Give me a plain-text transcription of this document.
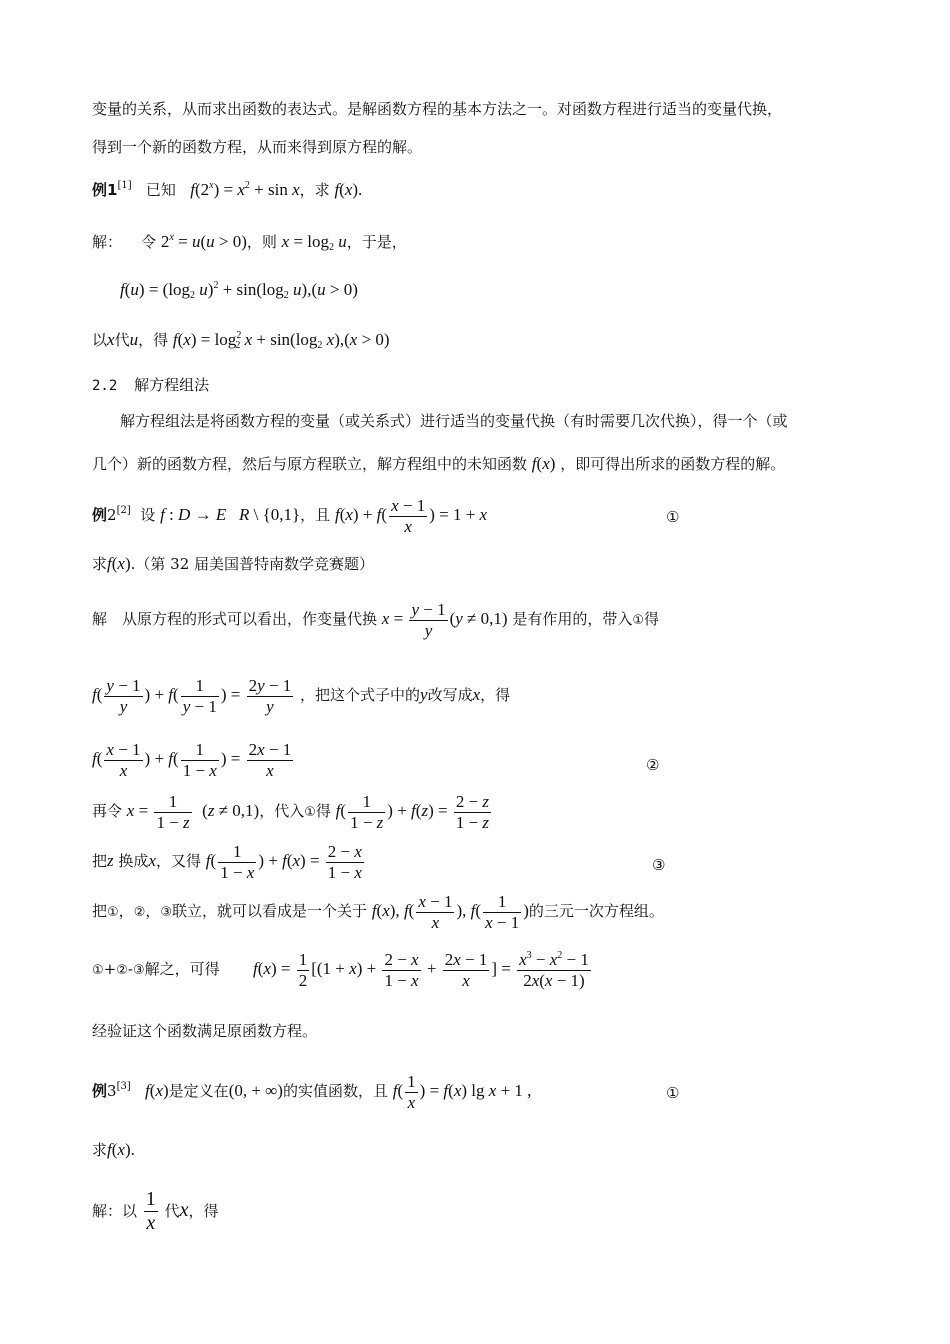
变量的关系，从而求出函数的表达式。是解函数方程的基本方法之一。对函数方程进行适当的变量代换，
得到一个新的函数方程，从而来得到原方程的解。
例1[1] 已知 $f(2^x) = x^2 + \sin x$，求 f(x).
解： 令 $2^x = u(u > 0)$，则 $x = \log_2 u$，于是，
$f(u) = (\log_2$ $u)^2 + \sin(\log_2$ u),(u > 0)
以x代u，得 $f(x) = \log^2_2 x + \sin(\log_2$ x),(x > 0)
2.2 解方程组法
解方程组法是将函数方程的变量（或关系式）进行适当的变量代换（有时需要几次代换），得一个（或
几个）新的函数方程，然后与原方程联立，解方程组中的未知函数 f(x) ，即可得出所求的函数方程的解。
例2[2] 设 f : D → E   R \ {0,1}，且 $f(x) + f( \frac{x - 1}{x}$ ) = 1 + x	①
求f(x).（第 32 届美国普特南数学竞赛题）
解　从原方程的形式可以看出，作变量代换 $x = \frac{y - 1}{y} (y \ne 0,1)$ 是有作用的，带入①得
$f( \frac{y - 1}{y}$ ) + $f( \frac{1}{y - 1}$ ) = $\frac{2y - 1}{y}$ ，把这个式子中的y改写成x，得
$f( \frac{x - 1}{x}$ ) + $f( \frac{1}{1 - x}$ ) = $\frac{2x - 1}{x}$	②
再令 $x = \frac{1}{1 - z} (z \ne 0,1)$，代入①得 $f( \frac{1}{1 - z}$ ) + $f(z) = \frac{2 - z}{1 - z}$
把z 换成x，又得 $f( \frac{1}{1 - x}$ ) + $f(x) = \frac{2 - x}{1 - x}$	③
把①，②，③联立，就可以看成是一个关于 f(x), $f( \frac{x - 1}{x}$ ), $f( \frac{1}{x - 1}$ )的三元一次方程组。
①+②-③解之，可得 $f(x) = \frac{1}{2} [(1 + x) + \frac{2 - x}{1 - x} + \frac{2x - 1}{x}$ ] = $\frac{x^3 - x^2 - 1}{2x(x - 1)}$
经验证这个函数满足原函数方程。
例3[3] f(x)是定义在(0, + ∞)的实值函数，且 $f( \frac{1}{x}$ ) = f(x) lg x + 1 ,	①
求f(x).
解：以 $\frac{1}{x}$ 代x，得
